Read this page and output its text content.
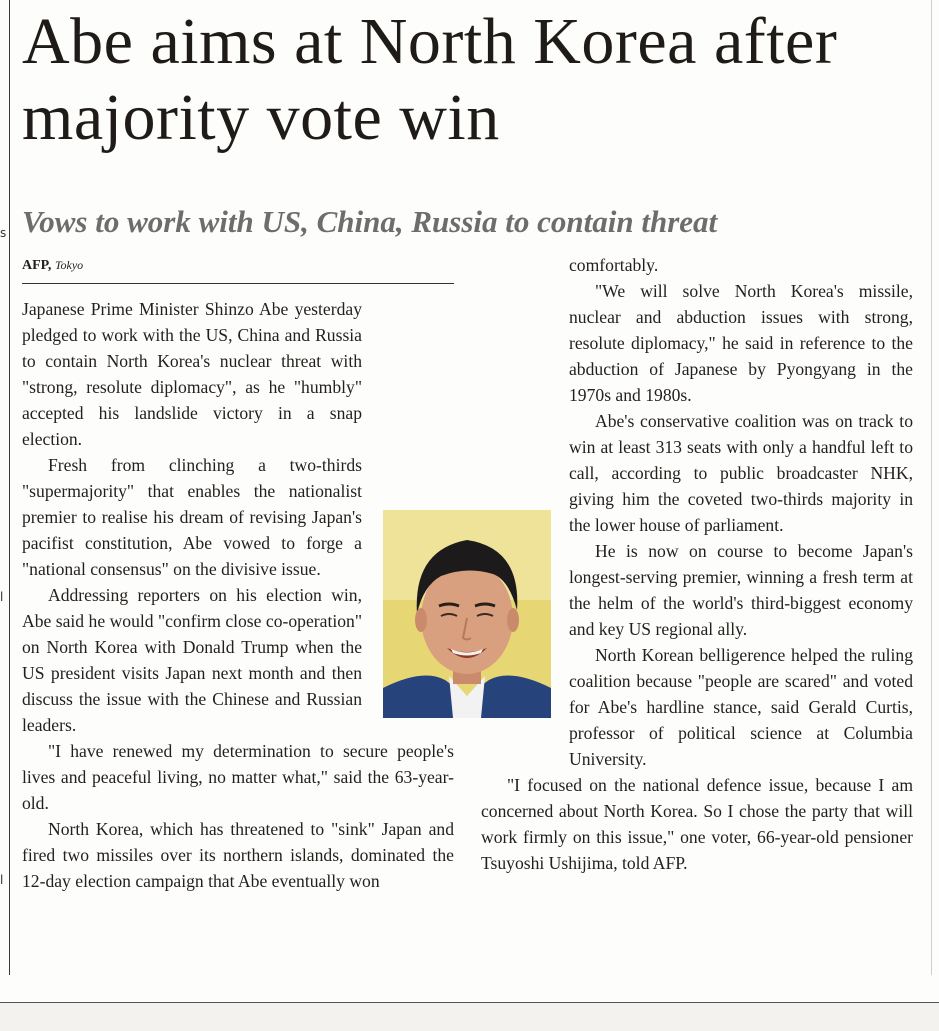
s
l
l
Abe aims at North Korea after majority vote win
Vows to work with US, China, Russia to contain threat
AFP, Tokyo

Japanese Prime Minister Shinzo Abe yesterday pledged to work with the US, China and Russia to contain North Korea's nuclear threat with "strong, resolute diplomacy", as he "humbly" accepted his landslide victory in a snap election.

Fresh from clinching a two-thirds "supermajority" that enables the nationalist premier to realise his dream of revising Japan's pacifist constitution, Abe vowed to forge a "national consensus" on the divisive issue.

Addressing reporters on his election win, Abe said he would "confirm close co-operation" on North Korea with Donald Trump when the US president visits Japan next month and then discuss the issue with the Chinese and Russian leaders.

"I have renewed my determination to secure people's lives and peaceful living, no matter what," said the 63-year-old.

North Korea, which has threatened to "sink" Japan and fired two missiles over its northern islands, dominated the 12-day election campaign that Abe eventually won

comfortably.

"We will solve North Korea's missile, nuclear and abduction issues with strong, resolute diplomacy," he said in reference to the abduction of Japanese by Pyongyang in the 1970s and 1980s.

Abe's conservative coalition was on track to win at least 313 seats with only a handful left to call, according to public broadcaster NHK, giving him the coveted two-thirds majority in the lower house of parliament.

He is now on course to become Japan's longest-serving premier, winning a fresh term at the helm of the world's third-biggest economy and key US regional ally.

North Korean belligerence helped the ruling coalition because "people are scared" and voted for Abe's hardline stance, said Gerald Curtis, professor of political science at Columbia University.

"I focused on the national defence issue, because I am concerned about North Korea. So I chose the party that will work firmly on this issue," one voter, 66-year-old pensioner Tsuyoshi Ushijima, told AFP.
